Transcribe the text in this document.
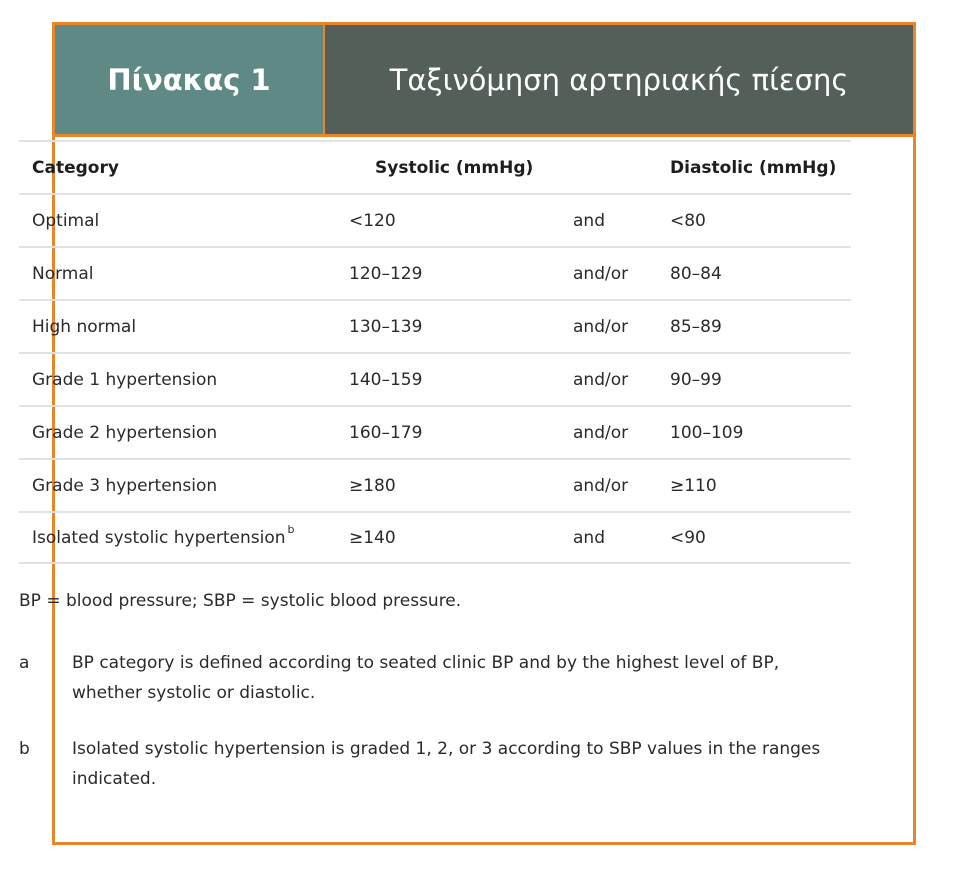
Πίνακας 1	Ταξινόμηση αρτηριακής πίεσης
Category	Systolic (mmHg)	Diastolic (mmHg)
Optimal	<120	and	<80
Normal	120–129	and/or 80–84
High normal	130–139	and/or 85–89
Grade 1 hypertension	140–159	and/or 90–99
Grade 2 hypertension	160–179	and/or 100–109
Grade 3 hypertension	≥180	and/or ≥110
Isolated systolic hypertension b	≥140	and	<90
BP = blood pressure; SBP = systolic blood pressure.
a	BP category is defined according to seated clinic BP and by the highest level of BP, whether systolic or diastolic.
b Isolated systolic hypertension is graded 1, 2, or 3 according to SBP values in the ranges indicated.
